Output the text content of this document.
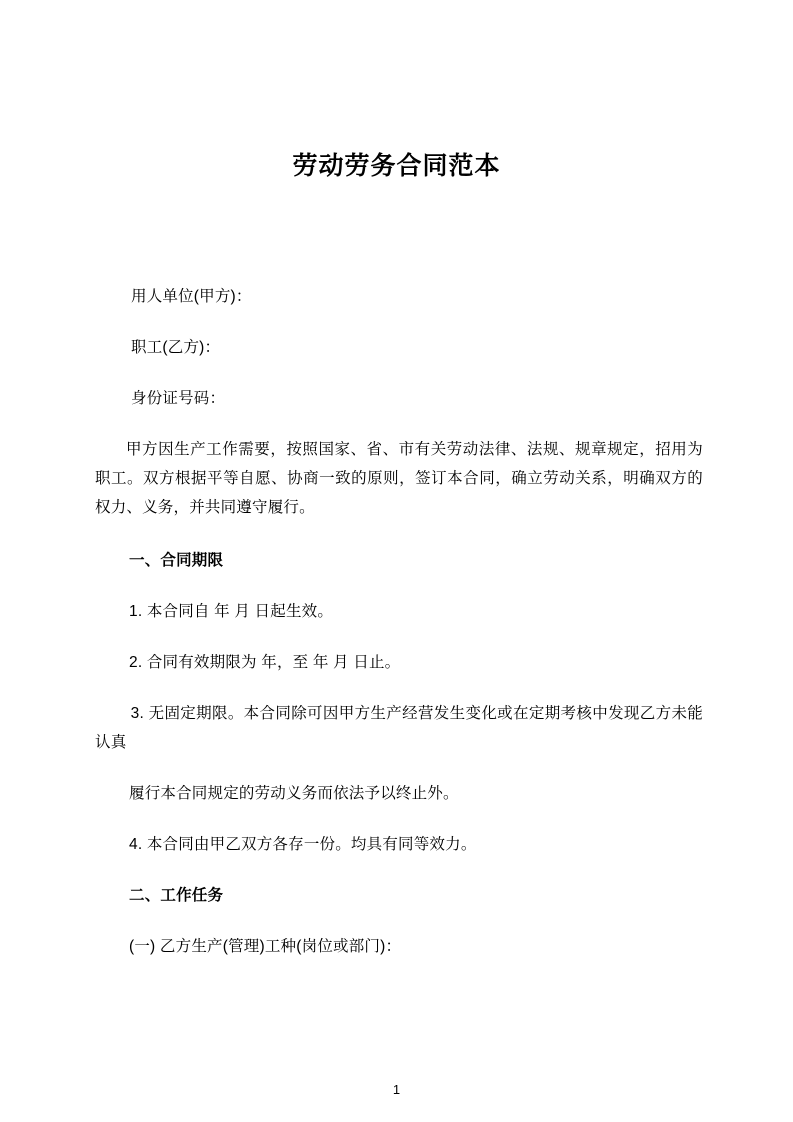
劳动劳务合同范本

用人单位(甲方)：

职工(乙方)：

身份证号码：

甲方因生产工作需要，按照国家、省、市有关劳动法律、法规、规章规定，招用为职工。双方根据平等自愿、协商一致的原则，签订本合同，确立劳动关系，明确双方的权力、义务，并共同遵守履行。

一、合同期限

1. 本合同自 年 月 日起生效。

2. 合同有效期限为 年，至 年 月 日止。

3. 无固定期限。本合同除可因甲方生产经营发生变化或在定期考核中发现乙方未能认真

履行本合同规定的劳动义务而依法予以终止外。

4. 本合同由甲乙双方各存一份。均具有同等效力。

二、工作任务

(一) 乙方生产(管理)工种(岗位或部门)：

1
